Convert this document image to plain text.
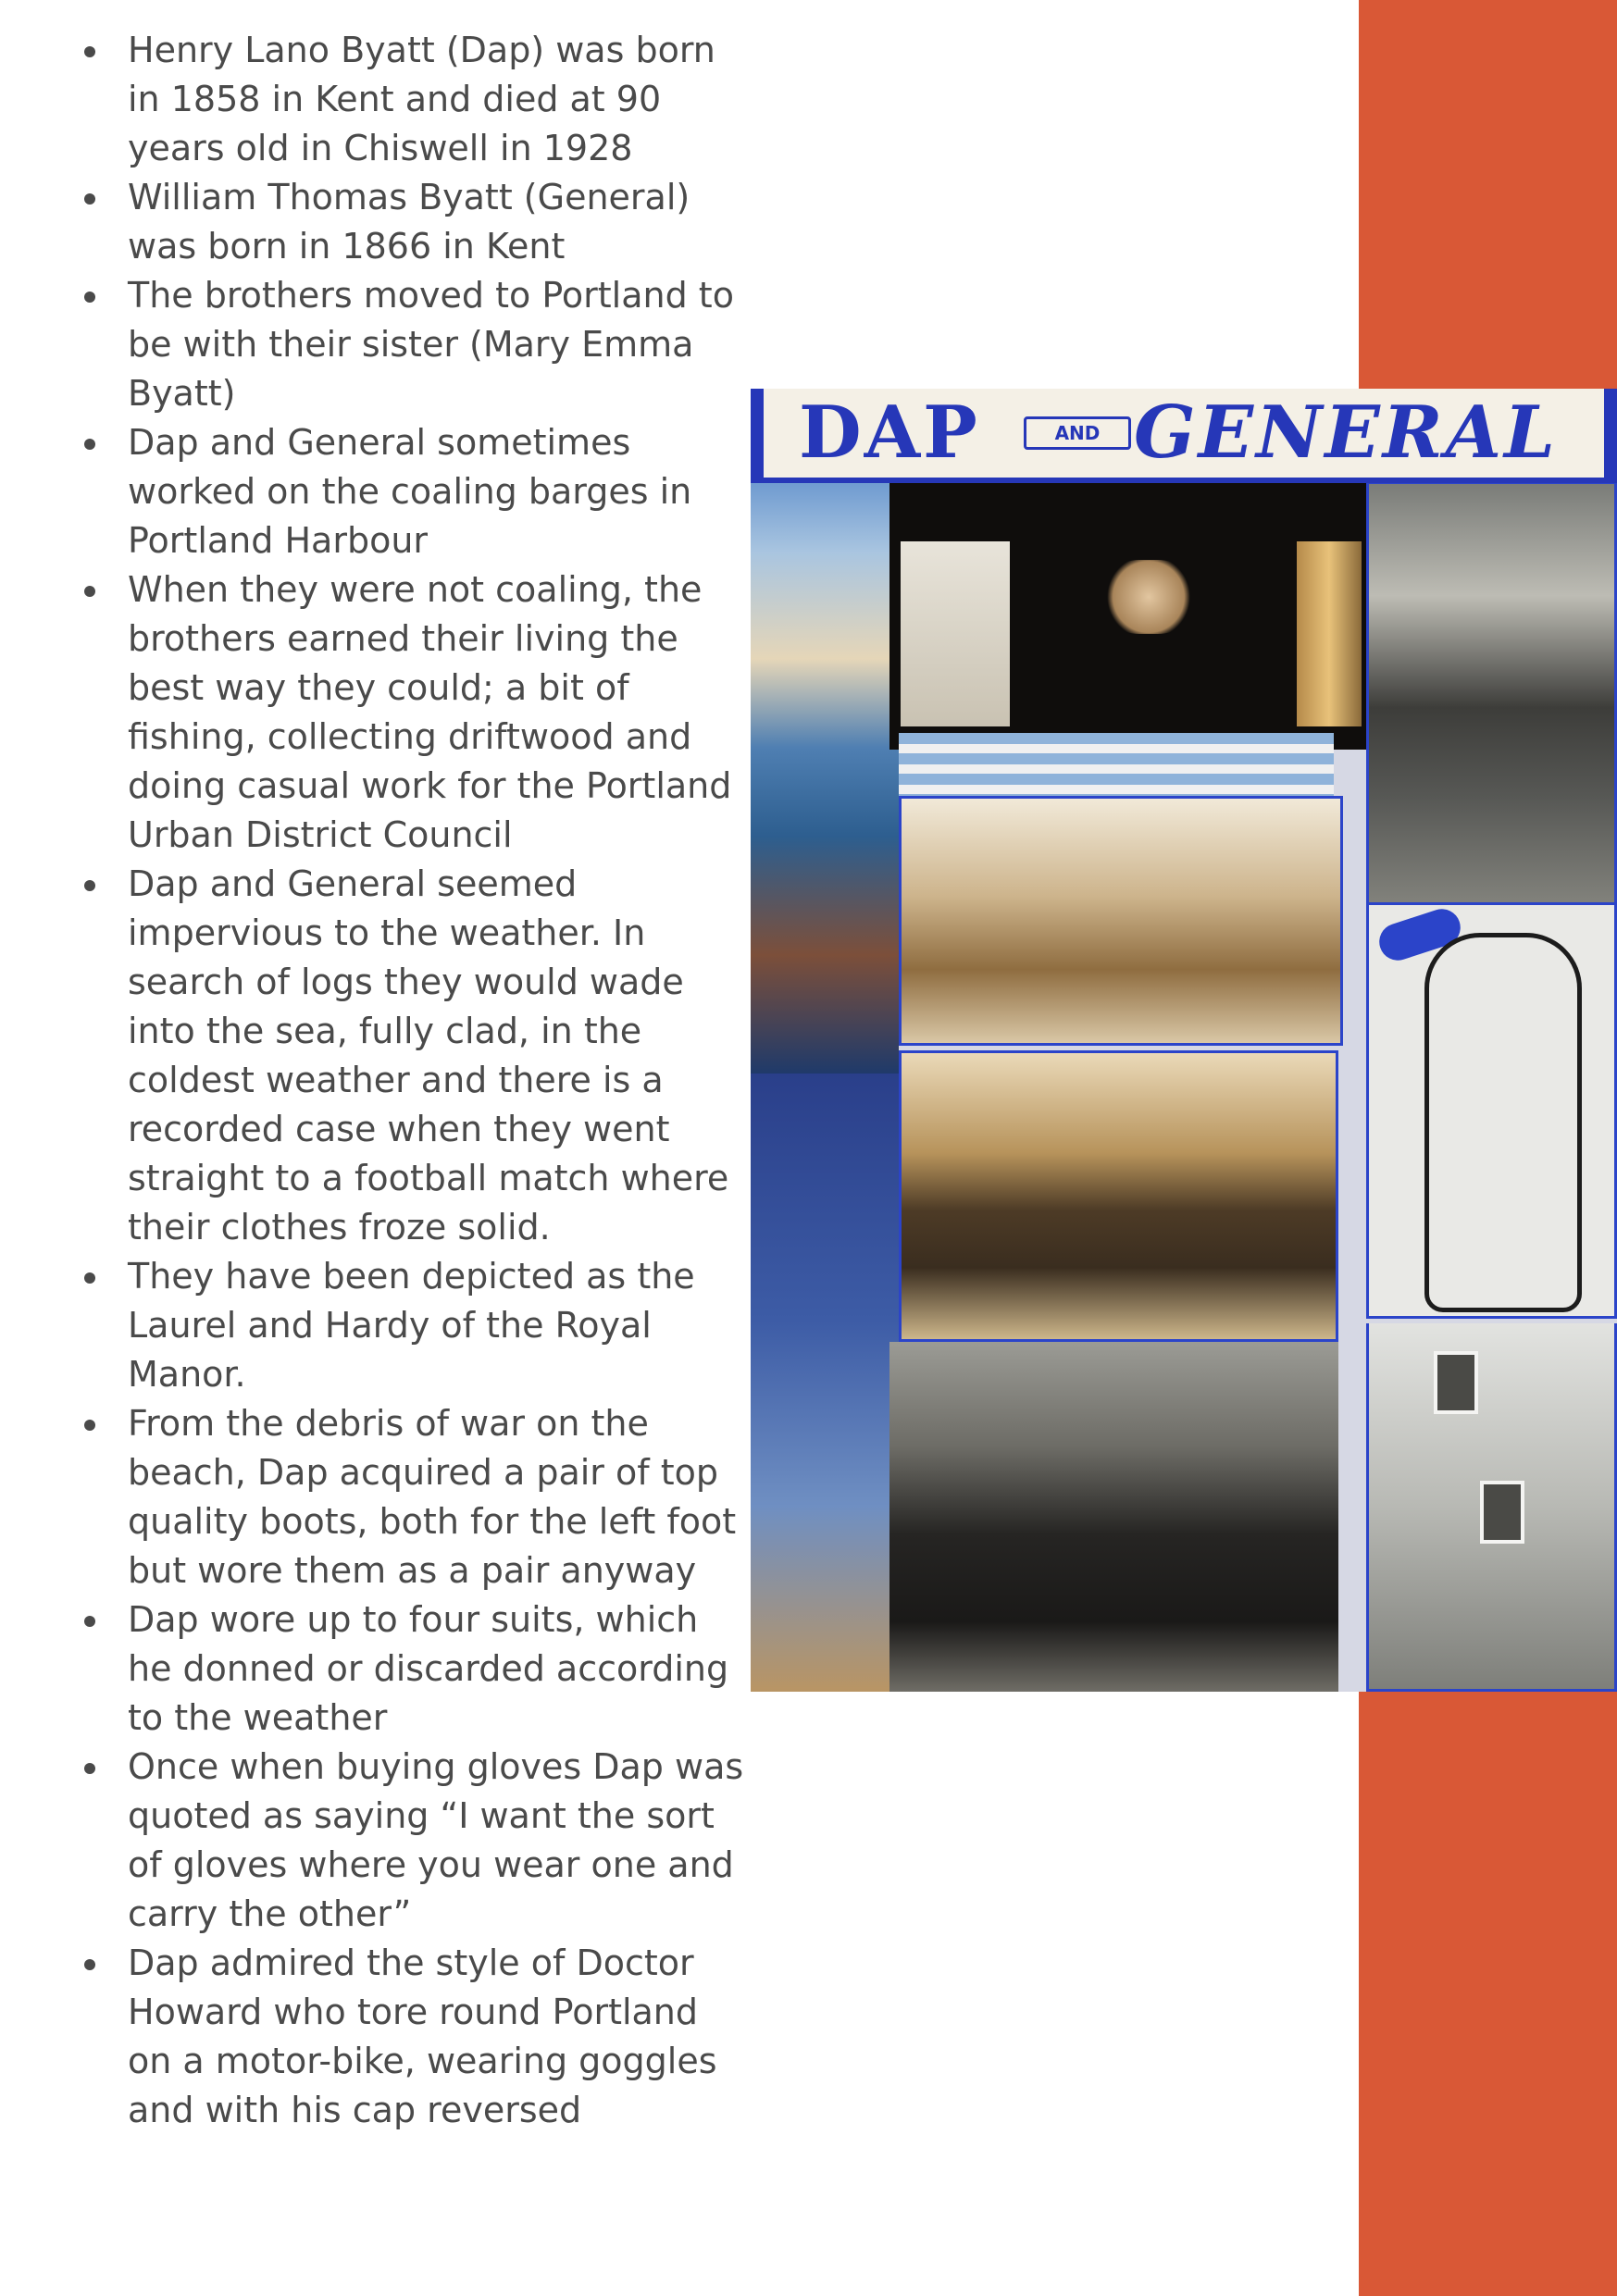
Henry Lano Byatt (Dap) was born in 1858 in Kent and died at 90 years old in Chiswell in 1928
William Thomas Byatt (General) was born in 1866 in Kent
The brothers moved to Portland to be with their sister (Mary Emma Byatt)
Dap and General sometimes worked on the coaling barges in Portland Harbour
When they were not coaling, the brothers earned their living the best way they could; a bit of fishing, collecting driftwood and doing casual work for the Portland Urban District Council
Dap and General seemed impervious to the weather. In search of logs they would wade into the sea, fully clad, in the coldest weather and there is a recorded case when they went straight to a football match where their clothes froze solid.
They have been depicted as the Laurel and Hardy of the Royal Manor.
From the debris of war on the beach, Dap acquired a pair of top quality boots, both for the left foot but wore them as a pair anyway
Dap wore up to four suits, which he donned or discarded according to the weather
Once when buying gloves Dap was quoted as saying “I want the sort of gloves where you wear one and carry the other”
Dap admired the style of Doctor Howard who tore round Portland on a motor-bike, wearing goggles and with his cap reversed
DAP	AND GENERAL
